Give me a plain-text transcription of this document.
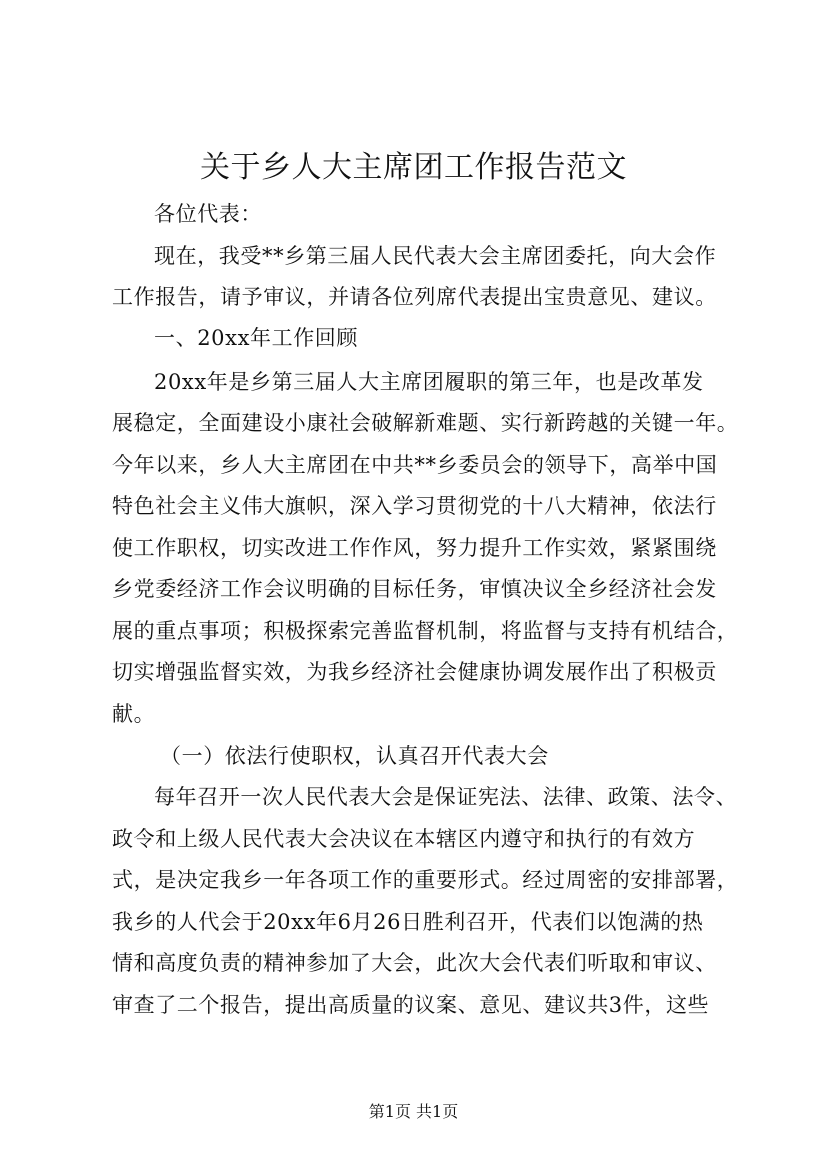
关于乡人大主席团工作报告范文
各位代表：
现在，我受**乡第三届人民代表大会主席团委托，向大会作
工作报告，请予审议，并请各位列席代表提出宝贵意见、建议。
一、20xx年工作回顾
20xx年是乡第三届人大主席团履职的第三年，也是改革发
展稳定，全面建设小康社会破解新难题、实行新跨越的关键一年。
今年以来，乡人大主席团在中共**乡委员会的领导下，高举中国
特色社会主义伟大旗帜，深入学习贯彻党的十八大精神，依法行
使工作职权，切实改进工作作风，努力提升工作实效，紧紧围绕
乡党委经济工作会议明确的目标任务，审慎决议全乡经济社会发
展的重点事项；积极探索完善监督机制，将监督与支持有机结合，
切实增强监督实效，为我乡经济社会健康协调发展作出了积极贡
献。
（一）依法行使职权，认真召开代表大会
每年召开一次人民代表大会是保证宪法、法律、政策、法令、
政令和上级人民代表大会决议在本辖区内遵守和执行的有效方
式，是决定我乡一年各项工作的重要形式。经过周密的安排部署，
我乡的人代会于20xx年6月26日胜利召开，代表们以饱满的热
情和高度负责的精神参加了大会，此次大会代表们听取和审议、
审查了二个报告，提出高质量的议案、意见、建议共3件，这些
第1页 共1页
